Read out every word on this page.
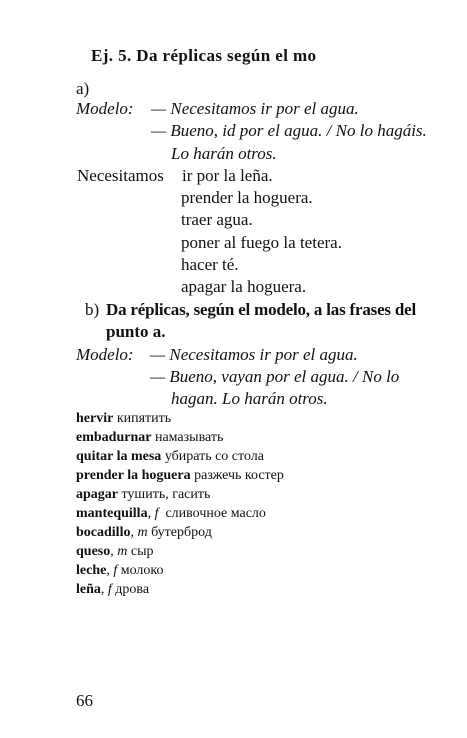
Ej. 5. Da réplicas según el mo
a)
Modelo: — Necesitamos ir por el agua.
— Bueno, id por el agua. / No lo hagáis.
Lo harán otros.
Necesitamos ir por la leña.
prender la hoguera.
traer agua.
poner al fuego la tetera.
hacer té.
apagar la hoguera.
b) Da réplicas, según el modelo, a las frases del
punto a.
Modelo: — Necesitamos ir por el agua.
— Bueno, vayan por el agua. / No lo
hagan. Lo harán otros.
hervir кипятить
embadurnar намазывать
quitar la mesa убирать со стола
prender la hoguera разжечь костер
apagar тушить, гасить
mantequilla, f сливочное масло
bocadillo, m бутерброд
queso, m сыр
leche, f молоко
leña, f дрова
66
